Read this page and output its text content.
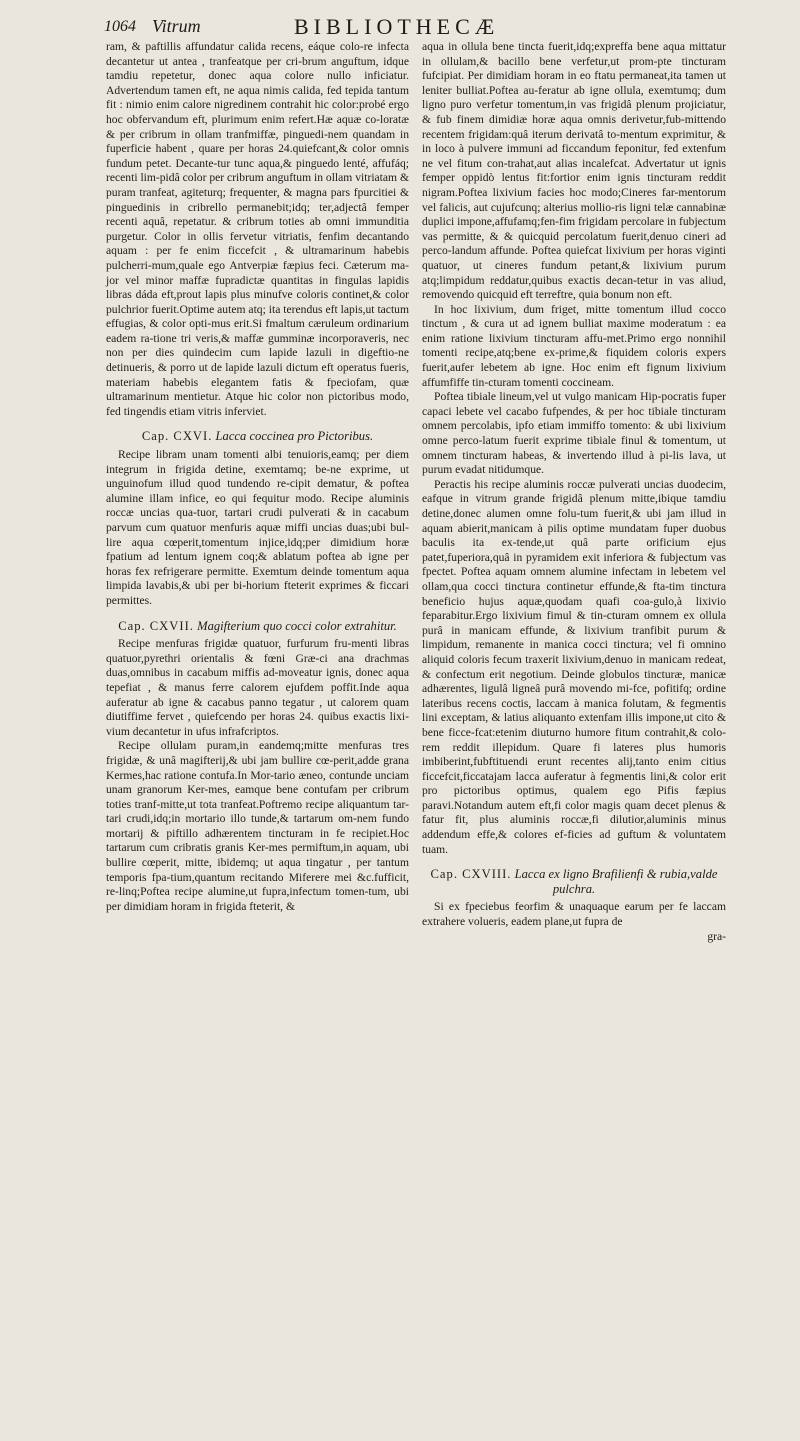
1064 Vitrum	BIBLIOTHECÆ

ram, & paftillis affundatur calida recens, eáque colo-re infecta decantetur ut antea , tranfeatque per cri-brum anguftum, idque tamdiu repetetur, donec aqua colore nullo inficiatur. Advertendum tamen eft, ne aqua nimis calida, fed tepida tantum fit : nimio enim calore nigredinem contrahit hic color:probé ergo hoc obfervandum eft, plurimum enim refert.Hæ aquæ co-loratæ & per cribrum in ollam tranfmiffæ, pinguedi-nem quandam in fuperficie habent , quare per horas 24.quiefcant,& color omnis fundum petet. Decante-tur tunc aqua,& pinguedo lenté, affufáq; recenti lim-pidâ color per cribrum anguftum in ollam vitriatam & puram tranfeat, agiteturq; frequenter, & magna pars fpurcitiei & pinguedinis in cribrello permanebit;idq; ter,adjectâ femper recenti aquâ, repetatur. & cribrum toties ab omni immunditia purgetur. Color in ollis fervetur vitriatis, fenfim decantando aquam : per fe enim ficcefcit , & ultramarinum habebis pulcherri-mum,quale ego Antverpiæ fæpius feci. Cæterum ma-jor vel minor maffæ fupradictæ quantitas in fingulas lapidis libras dáda eft,prout lapis plus minufve coloris continet,& color pulchrior fuerit.Optime autem atq; ita terendus eft lapis,ut tactum effugias, & color opti-mus erit.Si fmaltum cæruleum ordinarium eadem ra-tione tri veris,& maffæ gumminæ incorporaveris, nec non per dies quindecim cum lapide lazuli in digeftio-ne detinueris, & porro ut de lapide lazuli dictum eft operatus fueris, materiam habebis elegantem fatis & fpeciofam, quæ ultramarinum mentietur. Atque hic color non pictoribus modo, fed tingendis etiam vitris inferviet.

Cap. CXVI. Lacca coccinea pro Pictoribus.

Recipe libram unam tomenti albi tenuioris,eamq; per diem integrum in frigida detine, exemtamq; be-ne exprime, ut unguinofum illud quod tundendo re-cipit dematur, & poftea alumine illam infice, eo qui fequitur modo. Recipe aluminis roccæ uncias qua-tuor, tartari crudi pulverati & in cacabum parvum cum quatuor menfuris aquæ miffi uncias duas;ubi bul-lire aqua cœperit,tomentum injice,idq;per dimidium horæ fpatium ad lentum ignem coq;& ablatum poftea ab igne per horas fex refrigerare permitte. Exemtum deinde tomentum aqua limpida lavabis,& ubi per bi-horium fteterit exprimes & ficcari permittes.

Cap. CXVII. Magifterium quo cocci color extrahitur.

Recipe menfuras frigidæ quatuor, furfurum fru-menti libras quatuor,pyrethri orientalis & fœni Græ-ci ana drachmas duas,omnibus in cacabum miffis ad-moveatur ignis, donec aqua tepefiat , & manus ferre calorem ejufdem poffit.Inde aqua auferatur ab igne & cacabus panno tegatur , ut calorem quam diutiffime fervet , quiefcendo per horas 24. quibus exactis lixi-vium decantetur in ufus infrafcriptos.

Recipe ollulam puram,in eandemq;mitte menfuras tres frigidæ, & unâ magifterij,& ubi jam bullire cœ-perit,adde grana Kermes,hac ratione contufa.In Mor-tario æneo, contunde unciam unam granorum Ker-mes, eamque bene contufam per cribrum toties tranf-mitte,ut tota tranfeat.Poftremo recipe aliquantum tar-tari crudi,idq;in mortario illo tunde,& tartarum om-nem fundo mortarij & piftillo adhærentem tincturam in fe recipiet.Hoc tartarum cum cribratis granis Ker-mes permiftum,in aquam, ubi bullire cœperit, mitte, ibidemq; ut aqua tingatur , per tantum temporis fpa-tium,quantum recitando Miferere mei &c.fufficit, re-linq;Poftea recipe alumine,ut fupra,infectum tomen-tum, ubi per dimidiam horam in frigida fteterit, &

aqua in ollula bene tincta fuerit,idq;expreffa bene aqua mittatur in ollulam,& bacillo bene verfetur,ut prom-pte tincturam fufcipiat. Per dimidiam horam in eo ftatu permaneat,ita tamen ut leniter bulliat.Poftea au-feratur ab igne ollula, exemtumq; dum ligno puro verfetur tomentum,in vas frigidâ plenum projiciatur, & fub finem dimidiæ horæ aqua omnis derivetur,fub-mittendo recentem frigidam:quâ iterum derivatâ to-mentum exprimitur, & in loco à pulvere immuni ad ficcandum feponitur, fed extenfum ne vel fitum con-trahat,aut alias incalefcat. Advertatur ut ignis femper oppidò lentus fit:fortior enim ignis tincturam reddit nigram.Poftea lixivium facies hoc modo;Cineres far-mentorum vel falicis, aut cujufcunq; alterius mollio-ris ligni telæ cannabinæ duplici impone,affufamq;fen-fim frigidam percolare in fubjectum vas permitte, & & quicquid percolatum fuerit,denuo cineri ad perco-landum affunde. Poftea quiefcat lixivium per horas viginti quatuor, ut cineres fundum petant,& lixivium purum atq;limpidum reddatur,quibus exactis decan-tetur in vas aliud, removendo quicquid eft terreftre, quia bonum non eft.

In hoc lixivium, dum friget, mitte tomentum illud cocco tinctum , & cura ut ad ignem bulliat maxime moderatum : ea enim ratione lixivium tincturam affu-met.Primo ergo nonnihil tomenti recipe,atq;bene ex-prime,& fiquidem coloris expers fuerit,aufer lebetem ab igne. Hoc enim eft fignum lixivium affumfiffe tin-cturam tomenti coccineam.

Poftea tibiale lineum,vel ut vulgo manicam Hip-pocratis fuper capaci lebete vel cacabo fufpendes, & per hoc tibiale tincturam omnem percolabis, ipfo etiam immiffo tomento: & ubi lixivium omne perco-latum fuerit exprime tibiale finul & tomentum, ut omnem tincturam habeas, & invertendo illud à pi-lis lava, ut purum evadat nitidumque.

Peractis his recipe aluminis roccæ pulverati uncias duodecim, eafque in vitrum grande frigidâ plenum mitte,ibique tamdiu detine,donec alumen omne folu-tum fuerit,& ubi jam illud in aquam abierit,manicam à pilis optime mundatam fuper duobus baculis ita ex-tende,ut quâ parte orificium ejus patet,fuperiora,quâ in pyramidem exit inferiora & fubjectum vas fpectet. Poftea aquam omnem alumine infectam in lebetem vel ollam,qua cocci tinctura continetur effunde,& fta-tim tinctura beneficio hujus aquæ,quodam quafi coa-gulo,à lixivio feparabitur.Ergo lixivium fimul & tin-cturam omnem ex ollula purâ in manicam effunde, & lixivium tranfibit purum & limpidum, remanente in manica cocci tinctura; vel fi omnino aliquid coloris fecum traxerit lixivium,denuo in manicam redeat, & confectum erit negotium. Deinde globulos tincturæ, manicæ adhærentes, ligulâ ligneâ purâ movendo mi-fce, pofitifq; ordine lateribus recens coctis, laccam à manica folutam, & fegmentis lini exceptam, & latius aliquanto extenfam illis impone,ut cito & bene ficce-fcat:etenim diuturno humore fitum contrahit,& colo-rem reddit illepidum. Quare fi lateres plus humoris imbiberint,fubftituendi erunt recentes alij,tanto enim citius ficcefcit,ficcatajam lacca auferatur à fegmentis lini,& color erit pro pictoribus optimus, qualem ego Pifis fæpius paravi.Notandum autem eft,fi color magis quam decet plenus & fatur fit, plus aluminis roccæ,fi dilutior,aluminis minus addendum effe,& colores ef-ficies ad guftum & voluntatem tuam.

Cap. CXVIII. Lacca ex ligno Brafilienfi & rubia,valde pulchra.

Si ex fpeciebus feorfim & unaquaque earum per fe laccam extrahere volueris, eadem plane,ut fupra de

gra-
